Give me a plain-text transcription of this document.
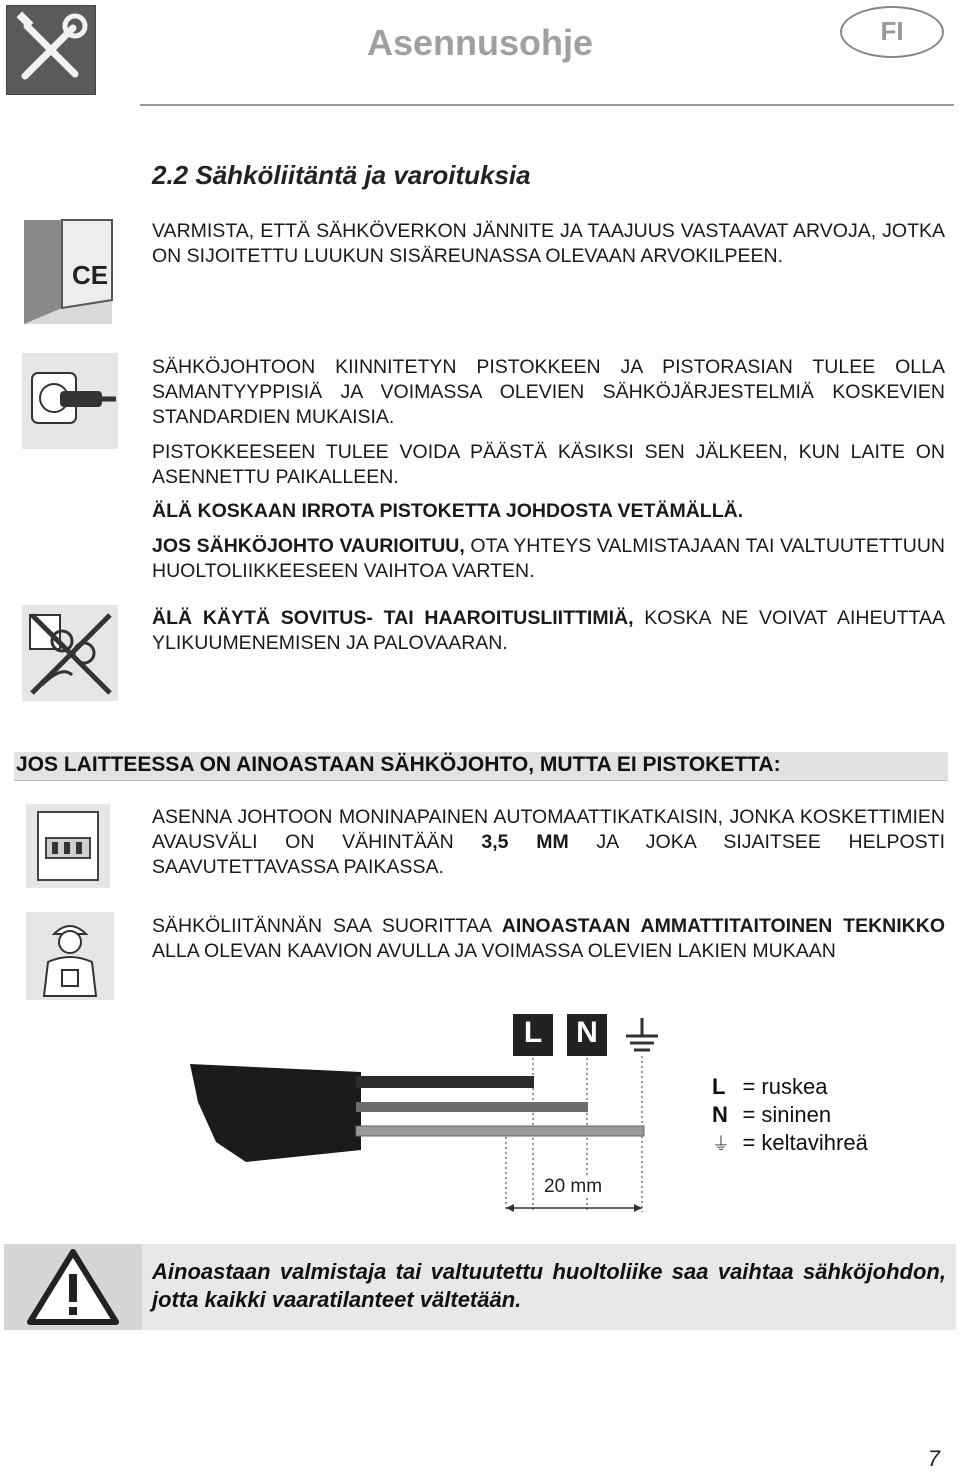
Asennusohje	FI
2.2 Sähköliitäntä ja varoituksia
CE
VARMISTA, ETTÄ SÄHKÖVERKON JÄNNITE JA TAAJUUS VASTAAVAT ARVOJA, JOTKA ON SIJOITETTU LUUKUN SISÄREUNASSA OLEVAAN ARVOKILPEEN.
SÄHKÖJOHTOON KIINNITETYN PISTOKKEEN JA PISTORASIAN TULEE OLLA SAMANTYYPPISIÄ JA VOIMASSA OLEVIEN SÄHKÖJÄRJESTELMIÄ KOSKEVIEN STANDARDIEN MUKAISIA.
PISTOKKEESEEN TULEE VOIDA PÄÄSTÄ KÄSIKSI SEN JÄLKEEN, KUN LAITE ON ASENNETTU PAIKALLEEN.
ÄLÄ KOSKAAN IRROTA PISTOKETTA JOHDOSTA VETÄMÄLLÄ.
JOS SÄHKÖJOHTO VAURIOITUU, OTA YHTEYS VALMISTAJAAN TAI VALTUUTETTUUN HUOLTOLIIKKEESEEN VAIHTOA VARTEN.
ÄLÄ KÄYTÄ SOVITUS- TAI HAAROITUSLIITTIMIÄ, KOSKA NE VOIVAT AIHEUTTAA YLIKUUMENEMISEN JA PALOVAARAN.
JOS LAITTEESSA ON AINOASTAAN SÄHKÖJOHTO, MUTTA EI PISTOKETTA:
ASENNA JOHTOON MONINAPAINEN AUTOMAATTIKATKAISIN, JONKA KOSKETTIMIEN AVAUSVÄLI ON VÄHINTÄÄN 3,5 MM JA JOKA SIJAITSEE HELPOSTI SAAVUTETTAVASSA PAIKASSA.
SÄHKÖLIITÄNNÄN SAA SUORITTAA AINOASTAAN AMMATTITAITOINEN TEKNIKKO ALLA OLEVAN KAAVION AVULLA JA VOIMASSA OLEVIEN LAKIEN MUKAAN
L	N
20 mm
L = ruskea
N = sininen
⏚ = keltavihreä
Ainoastaan valmistaja tai valtuutettu huoltoliike saa vaihtaa sähköjohdon, jotta kaikki vaaratilanteet vältetään.
7
